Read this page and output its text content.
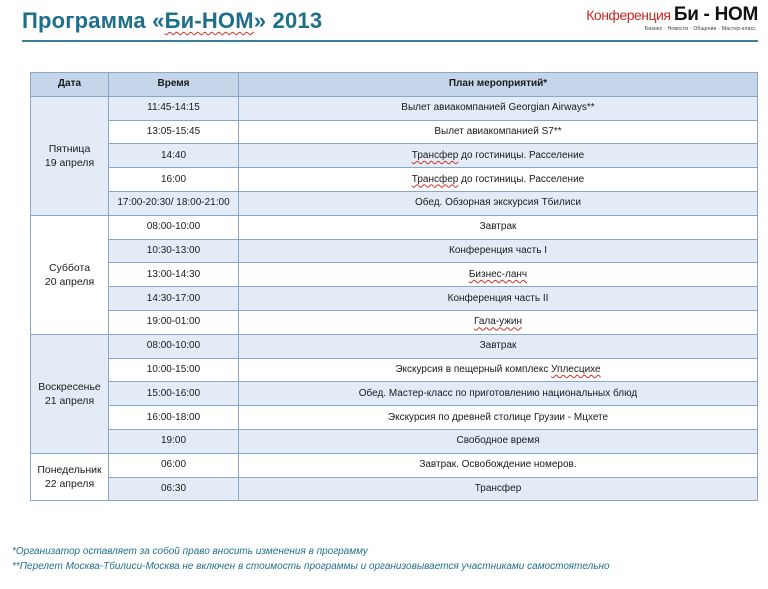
Программа «Би-НОМ» 2013	Конференция Би - НОМ
Бизнес · Новости · Общение · Мастер-класс
Дата	Время	План мероприятий*

Пятница
19 апреля	11:45-14:15	Вылет авиакомпанией Georgian Airways**
	13:05-15:45	Вылет авиакомпанией S7**
	14:40	Трансфер до гостиницы. Расселение
	16:00	Трансфер до гостиницы. Расселение
	17:00-20:30/ 18:00-21:00	Обед. Обзорная экскурсия Тбилиси

Суббота
20 апреля	08:00-10:00	Завтрак
	10:30-13:00	Конференция часть I
	13:00-14:30	Бизнес-ланч
	14:30-17:00	Конференция часть II
	19:00-01:00	Гала-ужин

Воскресенье
21 апреля	08:00-10:00	Завтрак
	10:00-15:00	Экскурсия в пещерный комплекс Уплесцихе
	15:00-16:00	Обед. Мастер-класс по приготовлению национальных блюд
	16:00-18:00	Экскурсия по древней столице Грузии - Мцхете
	19:00	Свободное время

Понедельник
22 апреля	06:00	Завтрак. Освобождение номеров.
	06:30	Трансфер
*Организатор оставляет за собой право вносить изменения в программу
**Перелет Москва-Тбилиси-Москва не включен в стоимость программы и организовывается участниками самостоятельно
